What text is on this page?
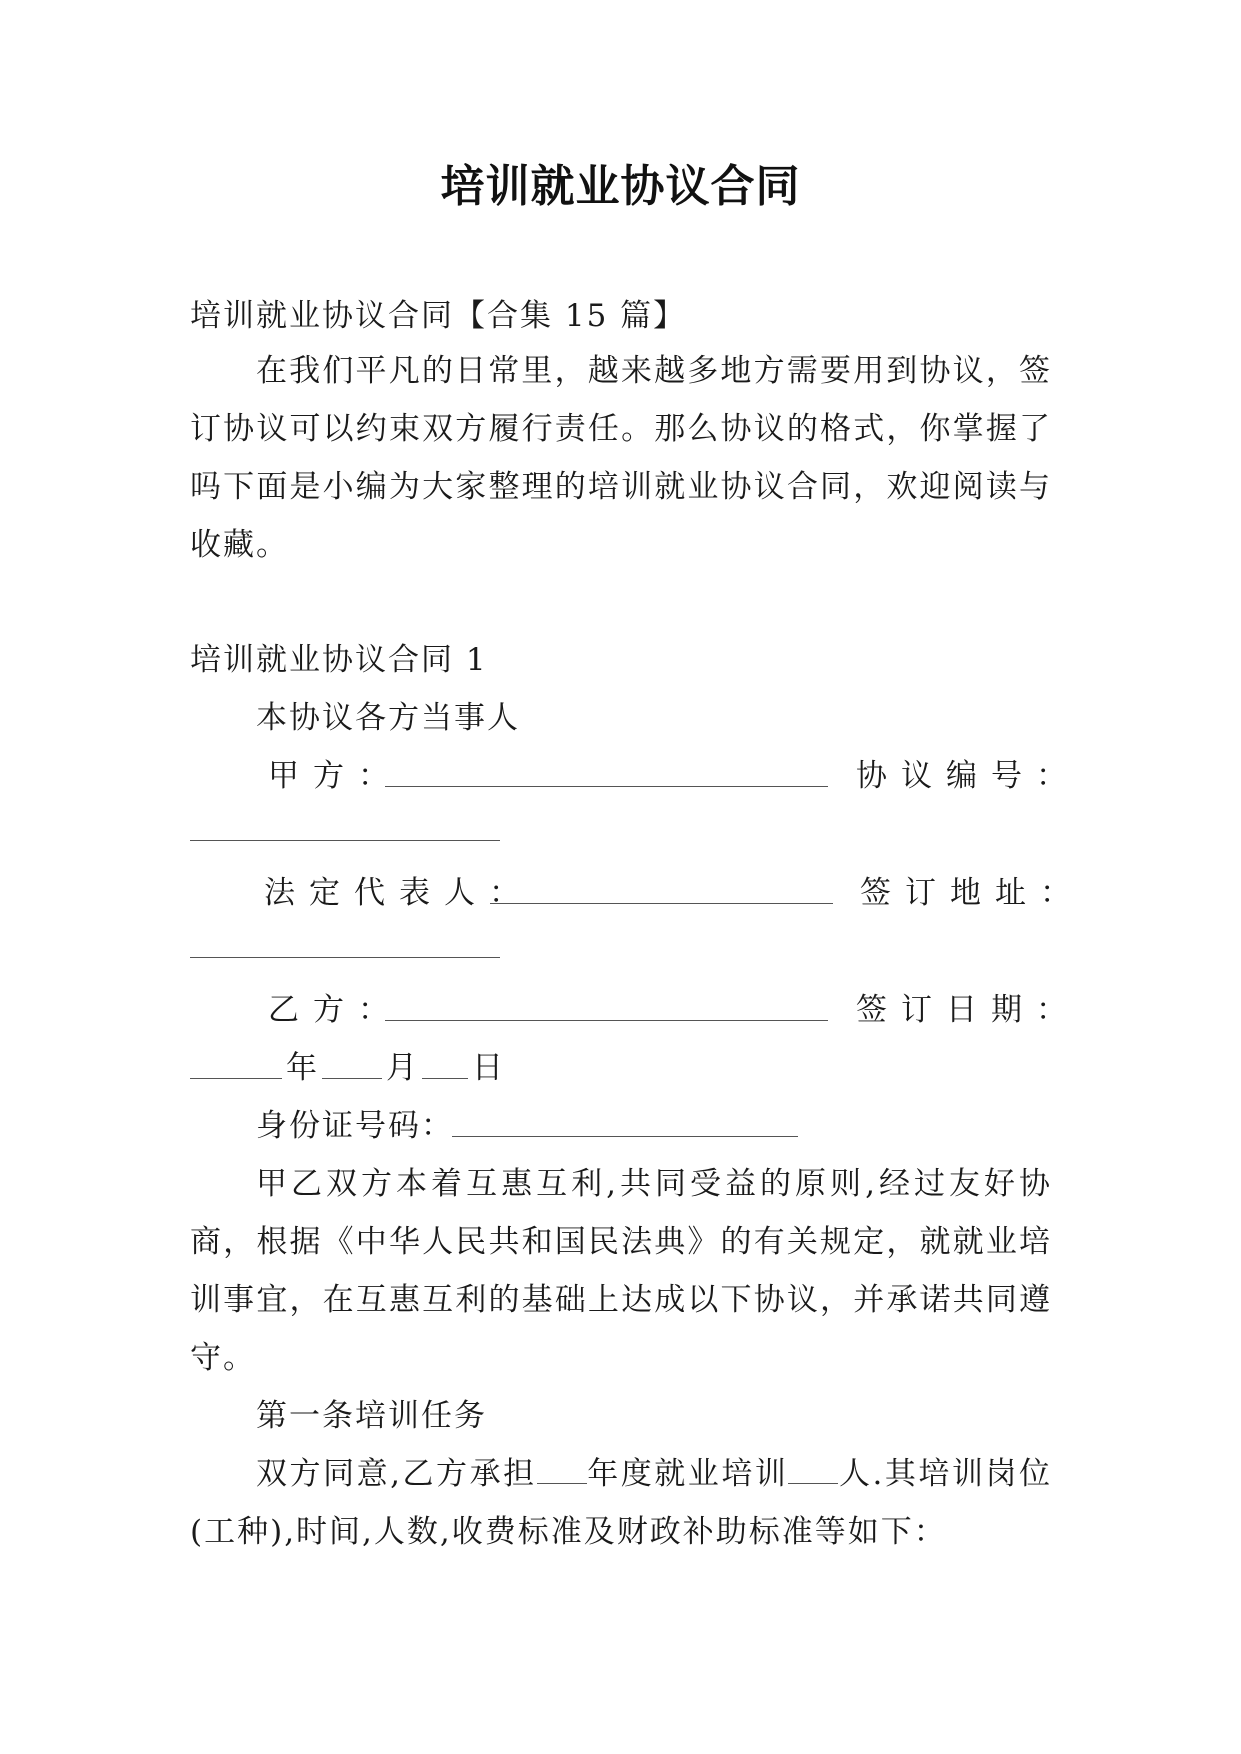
培训就业协议合同
培训就业协议合同【合集 15 篇】
在我们平凡的日常里，越来越多地方需要用到协议，签订协议可以约束双方履行责任。那么协议的格式，你掌握了吗下面是小编为大家整理的培训就业协议合同，欢迎阅读与收藏。
培训就业协议合同 1
本协议各方当事人
甲方：	协议编号：
法定代表人：	签订地址：
乙方：	签订日期：
年 月 日
身份证号码：
甲乙双方本着互惠互利,共同受益的原则,经过友好协商，根据《中华人民共和国民法典》的有关规定，就就业培训事宜，在互惠互利的基础上达成以下协议，并承诺共同遵守。
第一条培训任务
双方同意,乙方承担 年度就业培训 人.其培训岗位(工种),时间,人数,收费标准及财政补助标准等如下：
